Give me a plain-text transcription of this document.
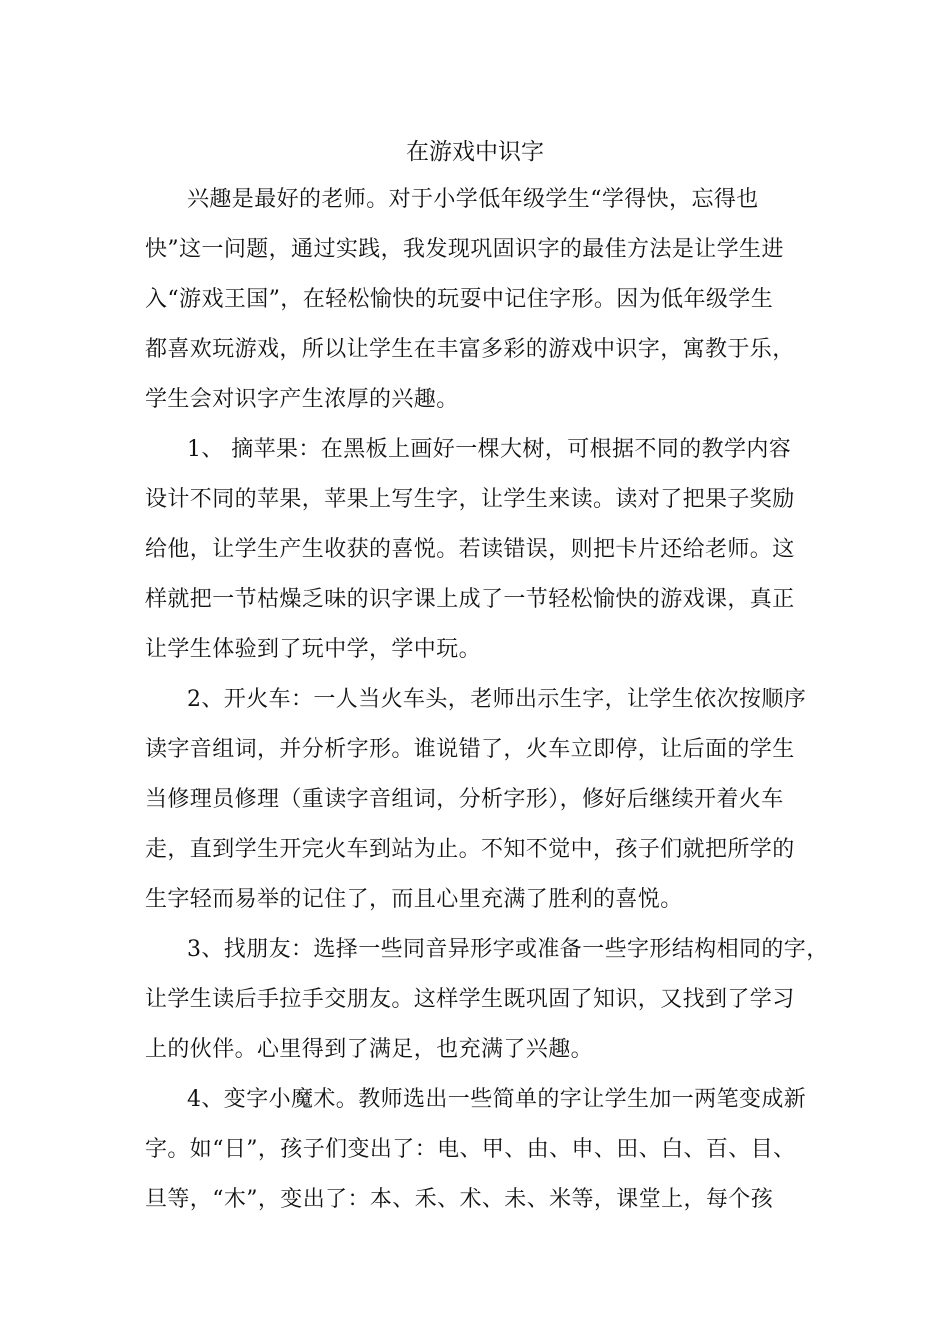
在游戏中识字
兴趣是最好的老师。对于小学低年级学生“学得快，忘得也
快”这一问题，通过实践，我发现巩固识字的最佳方法是让学生进
入“游戏王国”，在轻松愉快的玩耍中记住字形。因为低年级学生
都喜欢玩游戏，所以让学生在丰富多彩的游戏中识字，寓教于乐，
学生会对识字产生浓厚的兴趣。
1、 摘苹果：在黑板上画好一棵大树，可根据不同的教学内容
设计不同的苹果，苹果上写生字，让学生来读。读对了把果子奖励
给他，让学生产生收获的喜悦。若读错误，则把卡片还给老师。这
样就把一节枯燥乏味的识字课上成了一节轻松愉快的游戏课，真正
让学生体验到了玩中学，学中玩。
2、开火车：一人当火车头，老师出示生字，让学生依次按顺序
读字音组词，并分析字形。谁说错了，火车立即停，让后面的学生
当修理员修理（重读字音组词，分析字形），修好后继续开着火车
走，直到学生开完火车到站为止。不知不觉中，孩子们就把所学的
生字轻而易举的记住了，而且心里充满了胜利的喜悦。
3、找朋友：选择一些同音异形字或准备一些字形结构相同的字，
让学生读后手拉手交朋友。这样学生既巩固了知识，又找到了学习
上的伙伴。心里得到了满足，也充满了兴趣。
4、变字小魔术。教师选出一些简单的字让学生加一两笔变成新
字。如“日”，孩子们变出了：电、甲、由、申、田、白、百、目、
旦等，“木”，变出了：本、禾、术、未、米等，课堂上，每个孩
